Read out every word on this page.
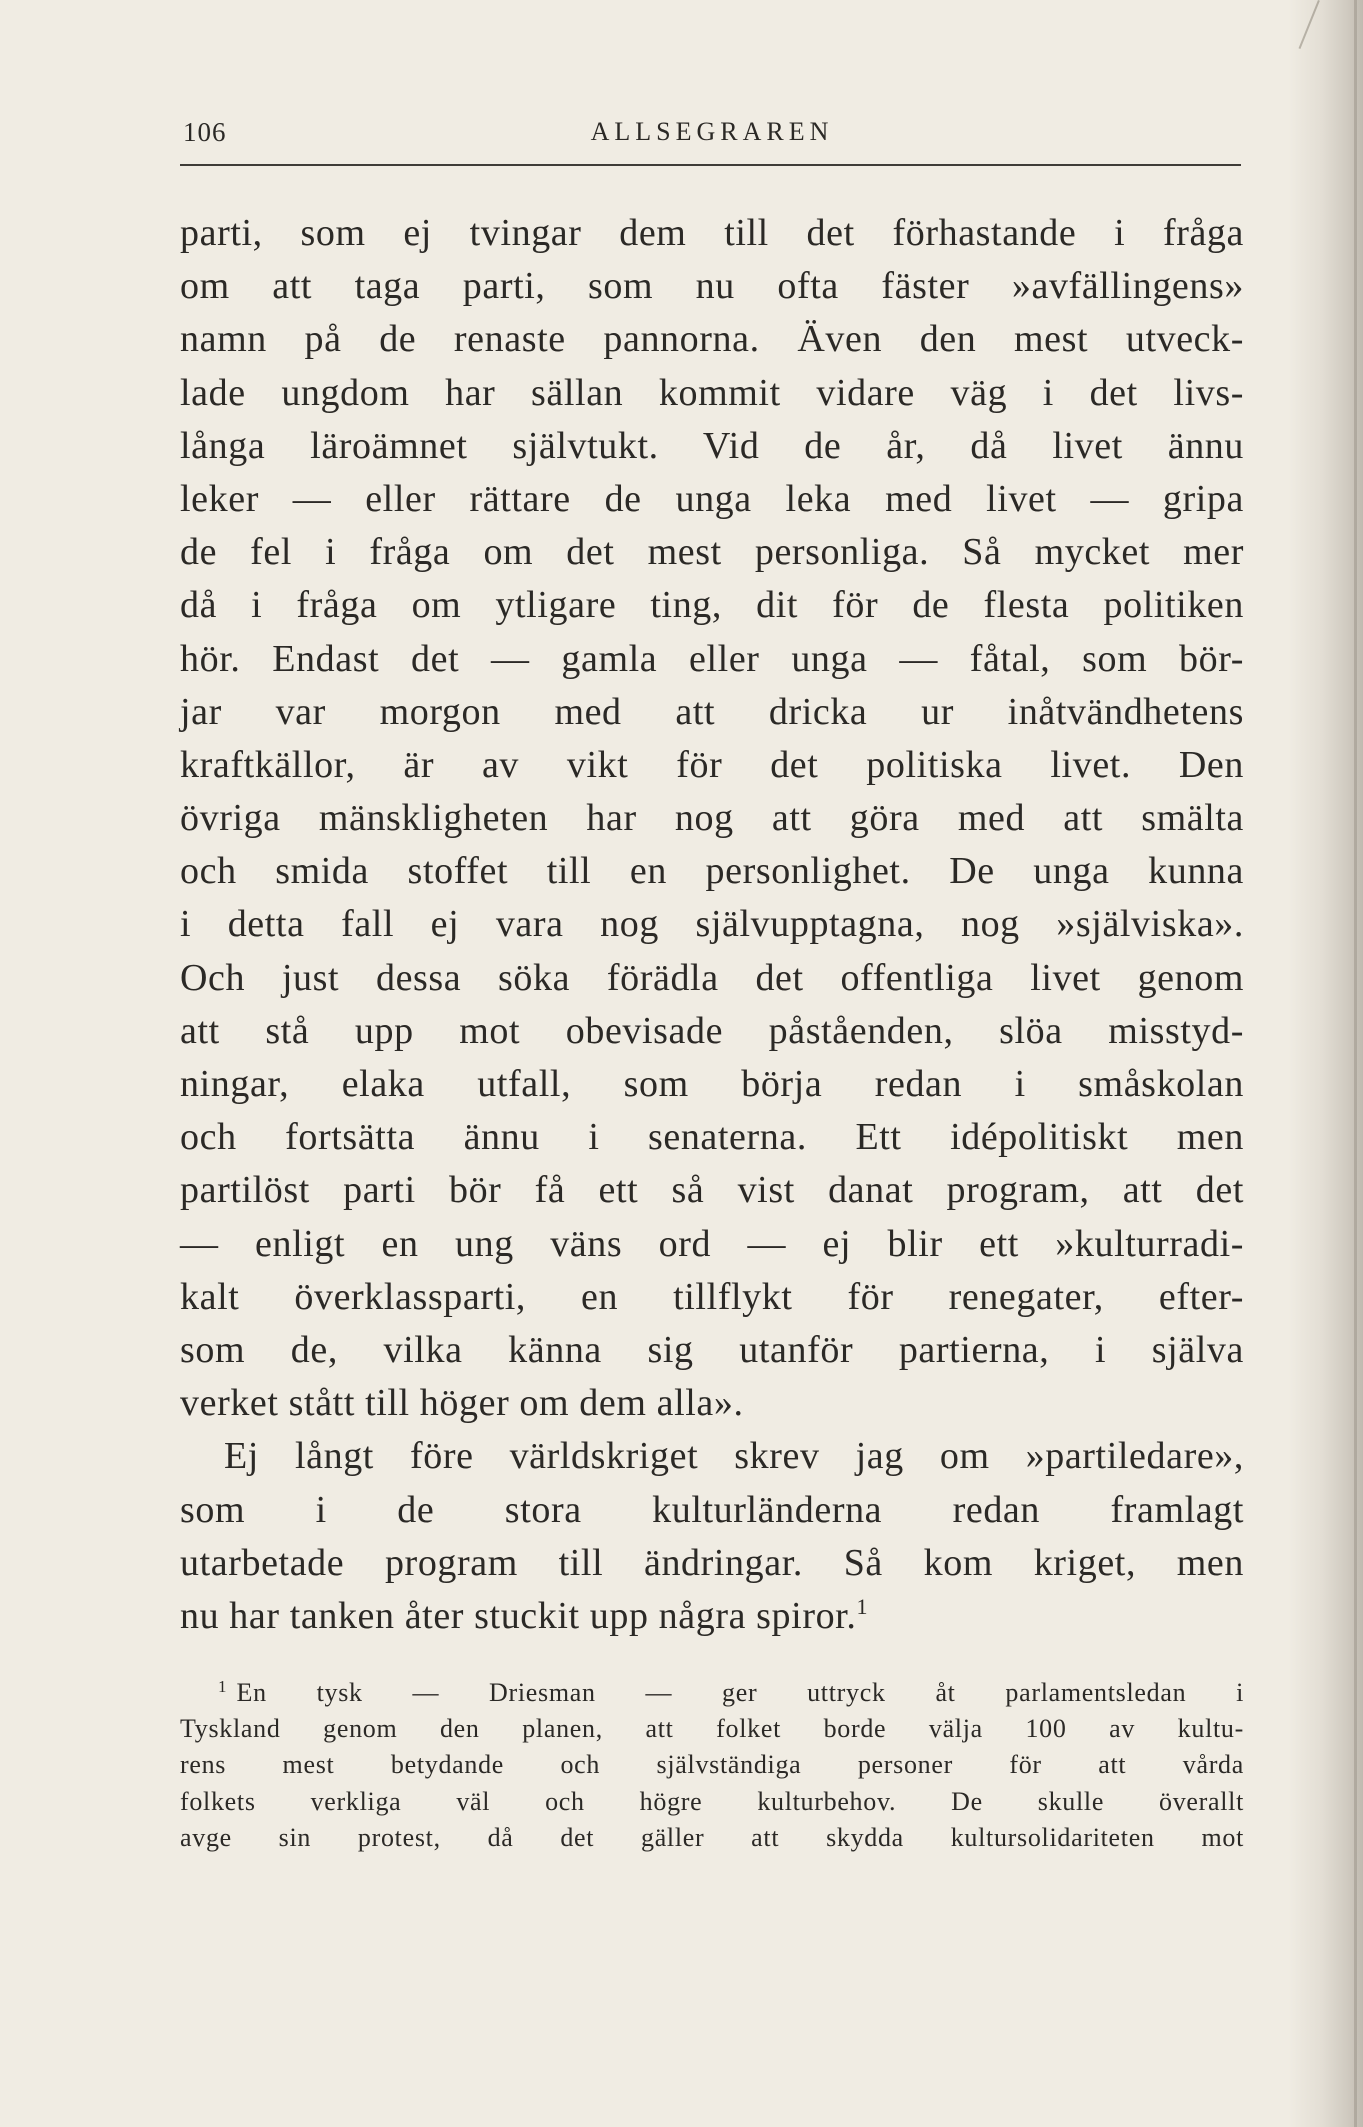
106	ALLSEGRAREN
parti, som ej tvingar dem till det förhastande i fråga
om att taga parti, som nu ofta fäster »avfällingens»
namn på de renaste pannorna. Även den mest utveck-
lade ungdom har sällan kommit vidare väg i det livs-
långa läroämnet självtukt. Vid de år, då livet ännu
leker — eller rättare de unga leka med livet — gripa
de fel i fråga om det mest personliga. Så mycket mer
då i fråga om ytligare ting, dit för de flesta politiken
hör. Endast det — gamla eller unga — fåtal, som bör-
jar var morgon med att dricka ur inåtvändhetens
kraftkällor, är av vikt för det politiska livet. Den
övriga mänskligheten har nog att göra med att smälta
och smida stoffet till en personlighet. De unga kunna
i detta fall ej vara nog självupptagna, nog »själviska».
Och just dessa söka förädla det offentliga livet genom
att stå upp mot obevisade påståenden, slöa misstyd-
ningar, elaka utfall, som börja redan i småskolan
och fortsätta ännu i senaterna. Ett idépolitiskt men
partilöst parti bör få ett så vist danat program, att det
— enligt en ung väns ord — ej blir ett »kulturradi-
kalt överklassparti, en tillflykt för renegater, efter-
som de, vilka känna sig utanför partierna, i själva
verket stått till höger om dem alla».
Ej långt före världskriget skrev jag om »partiledare»,
som i de stora kulturländerna redan framlagt
utarbetade program till ändringar. Så kom kriget, men
nu har tanken åter stuckit upp några spiror.$^1$
$^1$ En tysk — Driesman — ger uttryck åt parlamentsledan i
Tyskland genom den planen, att folket borde välja 100 av kultu-
rens mest betydande och självständiga personer för att vårda
folkets verkliga väl och högre kulturbehov. De skulle överallt
avge sin protest, då det gäller att skydda kultursolidariteten mot
